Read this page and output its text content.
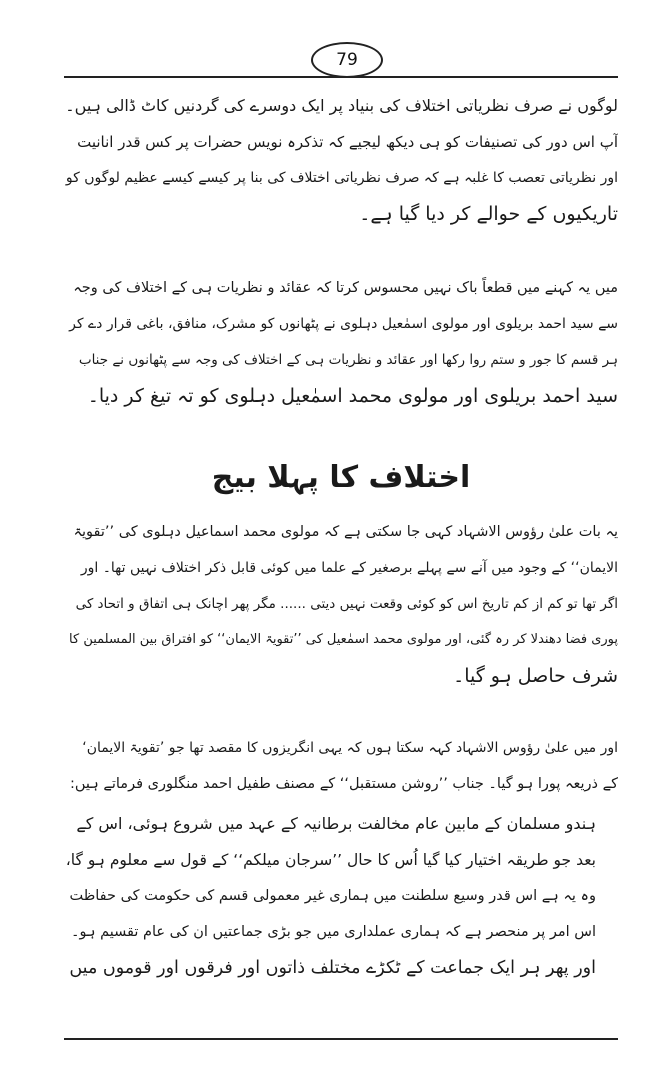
79
لوگوں نے صرف نظریاتی اختلاف کی بنیاد پر ایک دوسرے کی گردنیں کاٹ ڈالی ہیں۔
آپ اس دور کی تصنیفات کو ہی دیکھ لیجیے کہ تذکرہ نویس حضرات پر کس قدر انانیت
اور نظریاتی تعصب کا غلبہ ہے کہ صرف نظریاتی اختلاف کی بنا پر کیسے کیسے عظیم لوگوں کو
تاریکیوں کے حوالے کر دیا گیا ہے۔
میں یہ کہنے میں قطعاً باک نہیں محسوس کرتا کہ عقائد و نظریات ہی کے اختلاف کی وجہ
سے سید احمد بریلوی اور مولوی اسمٰعیل دہلوی نے پٹھانوں کو مشرک، منافق، باغی قرار دے کر
ہر قسم کا جور و ستم روا رکھا اور عقائد و نظریات ہی کے اختلاف کی وجہ سے پٹھانوں نے جناب
سید احمد بریلوی اور مولوی محمد اسمٰعیل دہلوی کو تہ تیغ کر دیا۔
اختلاف کا پہلا بیج
یہ بات علیٰ رؤوس الاشہاد کہی جا سکتی ہے کہ مولوی محمد اسماعیل دہلوی کی ’’تقویۃ
الایمان‘‘ کے وجود میں آنے سے پہلے برصغیر کے علما میں کوئی قابل ذکر اختلاف نہیں تھا۔ اور
اگر تھا تو کم از کم تاریخ اس کو کوئی وقعت نہیں دیتی ...... مگر پھر اچانک ہی اتفاق و اتحاد کی
پوری فضا دھندلا کر رہ گئی، اور مولوی محمد اسمٰعیل کی ’’تقویۃ الایمان‘‘ کو افتراق بین المسلمین کا
شرف حاصل ہو گیا۔
اور میں علیٰ رؤوس الاشہاد کہہ سکتا ہوں کہ یہی انگریزوں کا مقصد تھا جو ’تقویۃ الایمان‘
کے ذریعہ پورا ہو گیا۔ جناب ’’روشن مستقبل‘‘ کے مصنف طفیل احمد منگلوری فرماتے ہیں:
ہندو مسلمان کے مابین عام مخالفت برطانیہ کے عہد میں شروع ہوئی، اس کے
بعد جو طریقہ اختیار کیا گیا اُس کا حال ’’سرجان میلکم‘‘ کے قول سے معلوم ہو گا،
وہ یہ ہے اس قدر وسیع سلطنت میں ہماری غیر معمولی قسم کی حکومت کی حفاظت
اس امر پر منحصر ہے کہ ہماری عملداری میں جو بڑی جماعتیں ان کی عام تقسیم ہو۔
اور پھر ہر ایک جماعت کے ٹکڑے مختلف ذاتوں اور فرقوں اور قوموں میں
